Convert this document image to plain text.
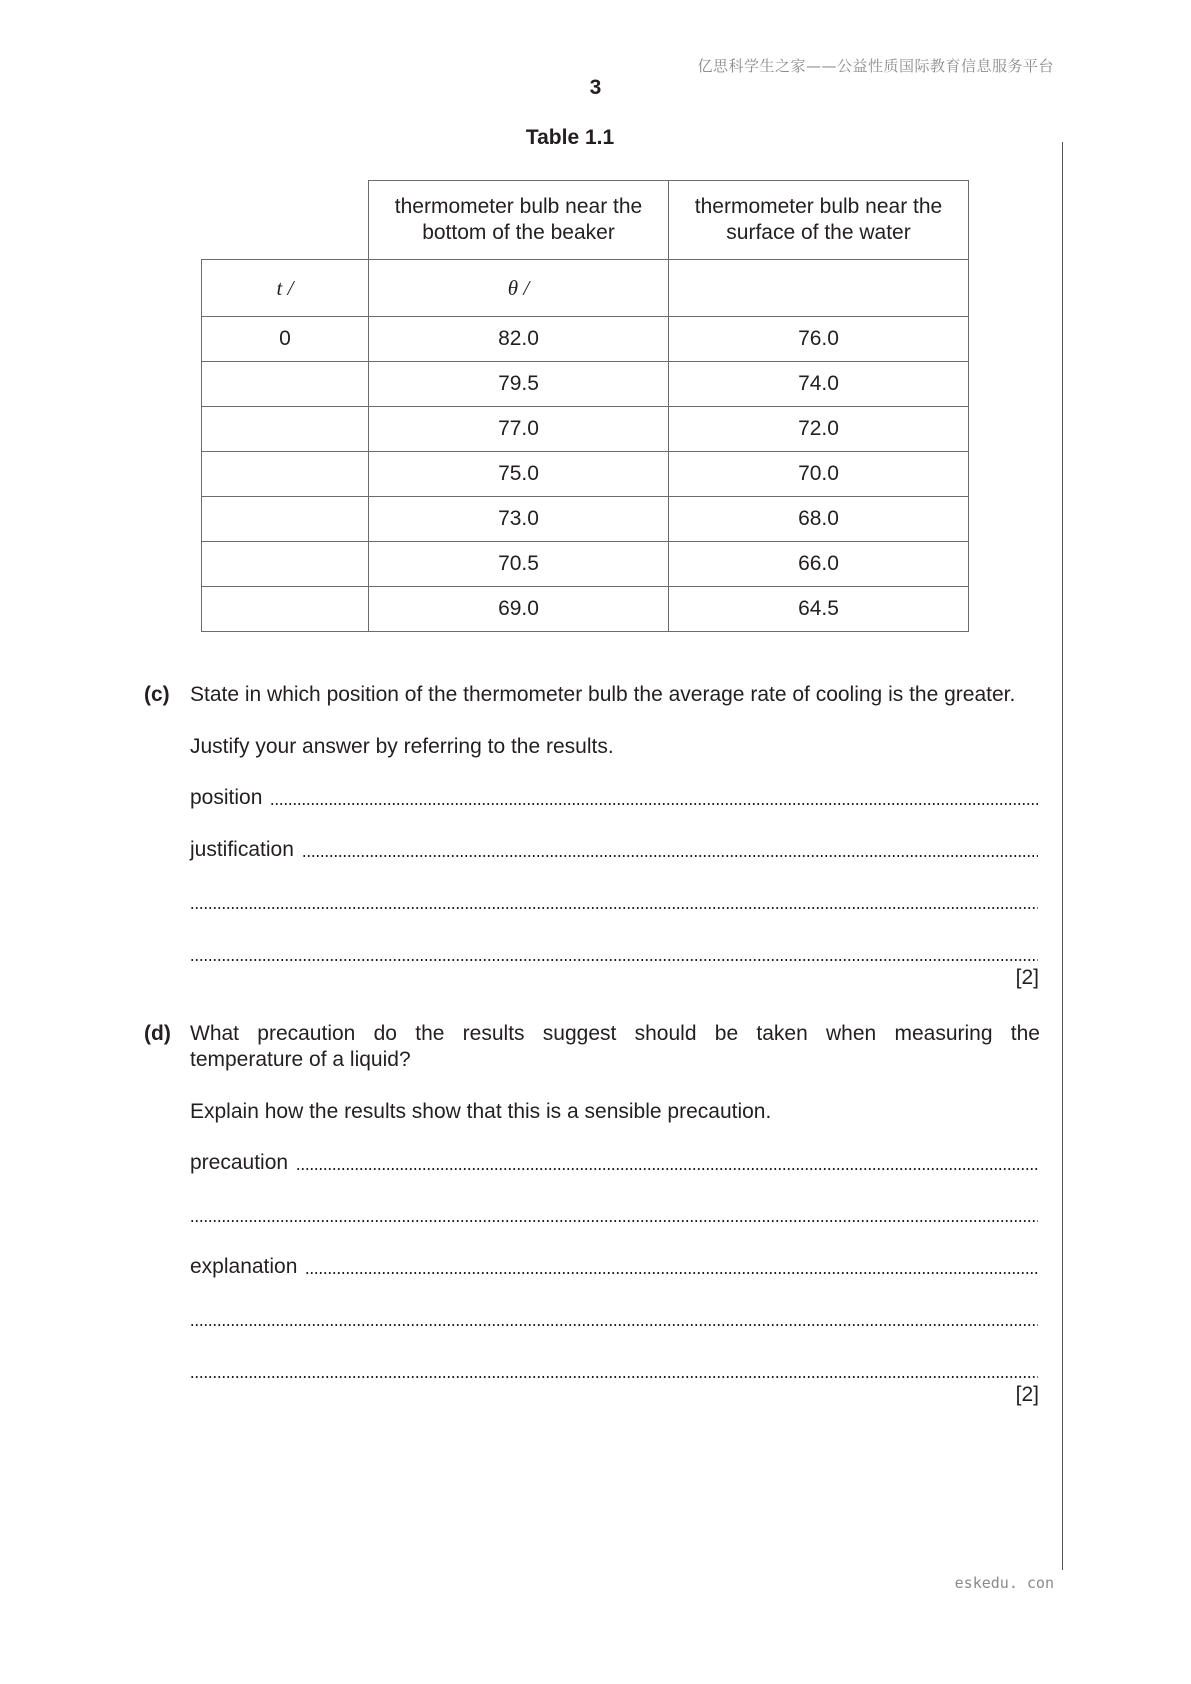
亿思科学生之家——公益性质国际教育信息服务平台
3
Table 1.1
	thermometer bulb near the bottom of the beaker	thermometer bulb near the surface of the water
t /	θ /	
0	82.0	76.0
	79.5	74.0
	77.0	72.0
	75.0	70.0
	73.0	68.0
	70.5	66.0
	69.0	64.5
(c) State in which position of the thermometer bulb the average rate of cooling is the greater.
Justify your answer by referring to the results.
position
justification
[2]
(d) What precaution do the results suggest should be taken when measuring the
temperature of a liquid?
Explain how the results show that this is a sensible precaution.
precaution
explanation
[2]
eskedu. con
